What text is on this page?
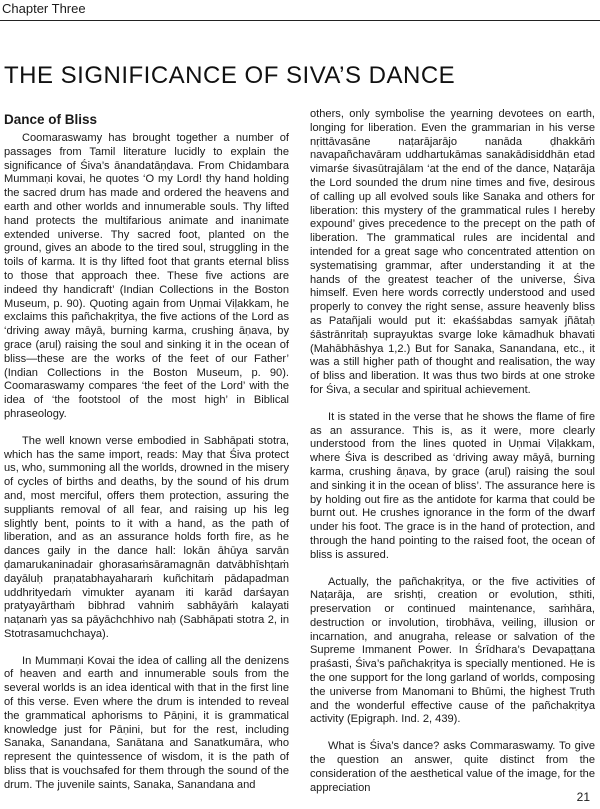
Chapter Three
THE SIGNIFICANCE OF SIVA’S DANCE
Dance of Bliss

Coomaraswamy has brought together a number of passages from Tamil literature lucidly to explain the significance of Śiva’s ānandatāṇḍava. From Chidambara Mummaṇi kovai, he quotes ‘O my Lord! thy hand holding the sacred drum has made and ordered the heavens and earth and other worlds and innumerable souls. Thy lifted hand protects the multifarious animate and inanimate extended universe. Thy sacred foot, planted on the ground, gives an abode to the tired soul, struggling in the toils of karma. It is thy lifted foot that grants eternal bliss to those that approach thee. These five actions are indeed thy handicraft’ (Indian Collections in the Boston Museum, p. 90). Quoting again from Uṇmai Viḷakkam, he exclaims this pañchakṛitya, the five actions of the Lord as ‘driving away māyā, burning karma, crushing āṇava, by grace (aruḷ) raising the soul and sinking it in the ocean of bliss—these are the works of the feet of our Father’ (Indian Collections in the Boston Museum, p. 90). Coomaraswamy compares ‘the feet of the Lord’ with the idea of ‘the footstool of the most high’ in Biblical phraseology.

The well known verse embodied in Sabhāpati stotra, which has the same import, reads: May that Śiva protect us, who, summoning all the worlds, drowned in the misery of cycles of births and deaths, by the sound of his drum and, most merciful, offers them protection, assuring the suppliants removal of all fear, and raising up his leg slightly bent, points to it with a hand, as the path of liberation, and as an assurance holds forth fire, as he dances gaily in the dance hall: lokān āhūya sarvān ḍamarukaninadair ghorasaṁsāramagnān datvābhīshṭaṁ dayāluḥ praṇatabhayaharaṁ kuñchitaṁ pādapadman uddhrityedaṁ vimukter ayanam iti karād darśayan pratyayārthaṁ bibhrad vahniṁ sabhāyāṁ kalayati naṭanaṁ yas sa pāyāchchhivo naḥ (Sabhāpati stotra 2, in Stotrasamuchchaya).

In Mummaṇi Kovai the idea of calling all the denizens of heaven and earth and innumerable souls from the several worlds is an idea identical with that in the first line of this verse. Even where the drum is intended to reveal the grammatical aphorisms to Pāṇini, it is grammatical knowledge just for Pāṇini, but for the rest, including Sanaka, Sanandana, Sanātana and Sanatkumāra, who represent the quintessence of wisdom, it is the path of bliss that is vouchsafed for them through the sound of the drum. The juvenile saints, Sanaka, Sanandana and

others, only symbolise the yearning devotees on earth, longing for liberation. Even the grammarian in his verse nṛittāvasāne naṭarājarājo nanāda ḍhakkāṁ navapañchavāram uddhartukāmas sanakādisiddhān etad vimarśe śivasūtrajālam ‘at the end of the dance, Naṭarāja the Lord sounded the drum nine times and five, desirous of calling up all evolved souls like Sanaka and others for liberation: this mystery of the grammatical rules I hereby expound’ gives precedence to the precept on the path of liberation. The grammatical rules are incidental and intended for a great sage who concentrated attention on systematising grammar, after understanding it at the hands of the greatest teacher of the universe, Śiva himself. Even here words correctly understood and used properly to convey the right sense, assure heavenly bliss as Patañjali would put it: ekaśśabdas samyak jñātaḥ śāstrānritaḥ suprayuktas svarge loke kāmadhuk bhavati (Mahābhāshya 1,2.) But for Sanaka, Sanandana, etc., it was a still higher path of thought and realisation, the way of bliss and liberation. It was thus two birds at one stroke for Śiva, a secular and spiritual achievement.

It is stated in the verse that he shows the flame of fire as an assurance. This is, as it were, more clearly understood from the lines quoted in Uṇmai Viḷakkam, where Śiva is described as ‘driving away māyā, burning karma, crushing āṇava, by grace (aruḷ) raising the soul and sinking it in the ocean of bliss’. The assurance here is by holding out fire as the antidote for karma that could be burnt out. He crushes ignorance in the form of the dwarf under his foot. The grace is in the hand of protection, and through the hand pointing to the raised foot, the ocean of bliss is assured.

Actually, the pañchakṛitya, or the five activities of Naṭarāja, are srishṭi, creation or evolution, sthiti, preservation or continued maintenance, saṁhāra, destruction or involution, tirobhāva, veiling, illusion or incarnation, and anugraha, release or salvation of the Supreme Immanent Power. In Śrīdhara’s Devapaṭṭana praśasti, Śiva’s pañchakṛitya is specially mentioned. He is the one support for the long garland of worlds, composing the universe from Manomani to Bhūmi, the highest Truth and the wonderful effective cause of the pañchakṛitya activity (Epigraph. Ind. 2, 439).

What is Śiva’s dance? asks Commaraswamy. To give the question an answer, quite distinct from the consideration of the aesthetical value of the image, for the appreciation

21
